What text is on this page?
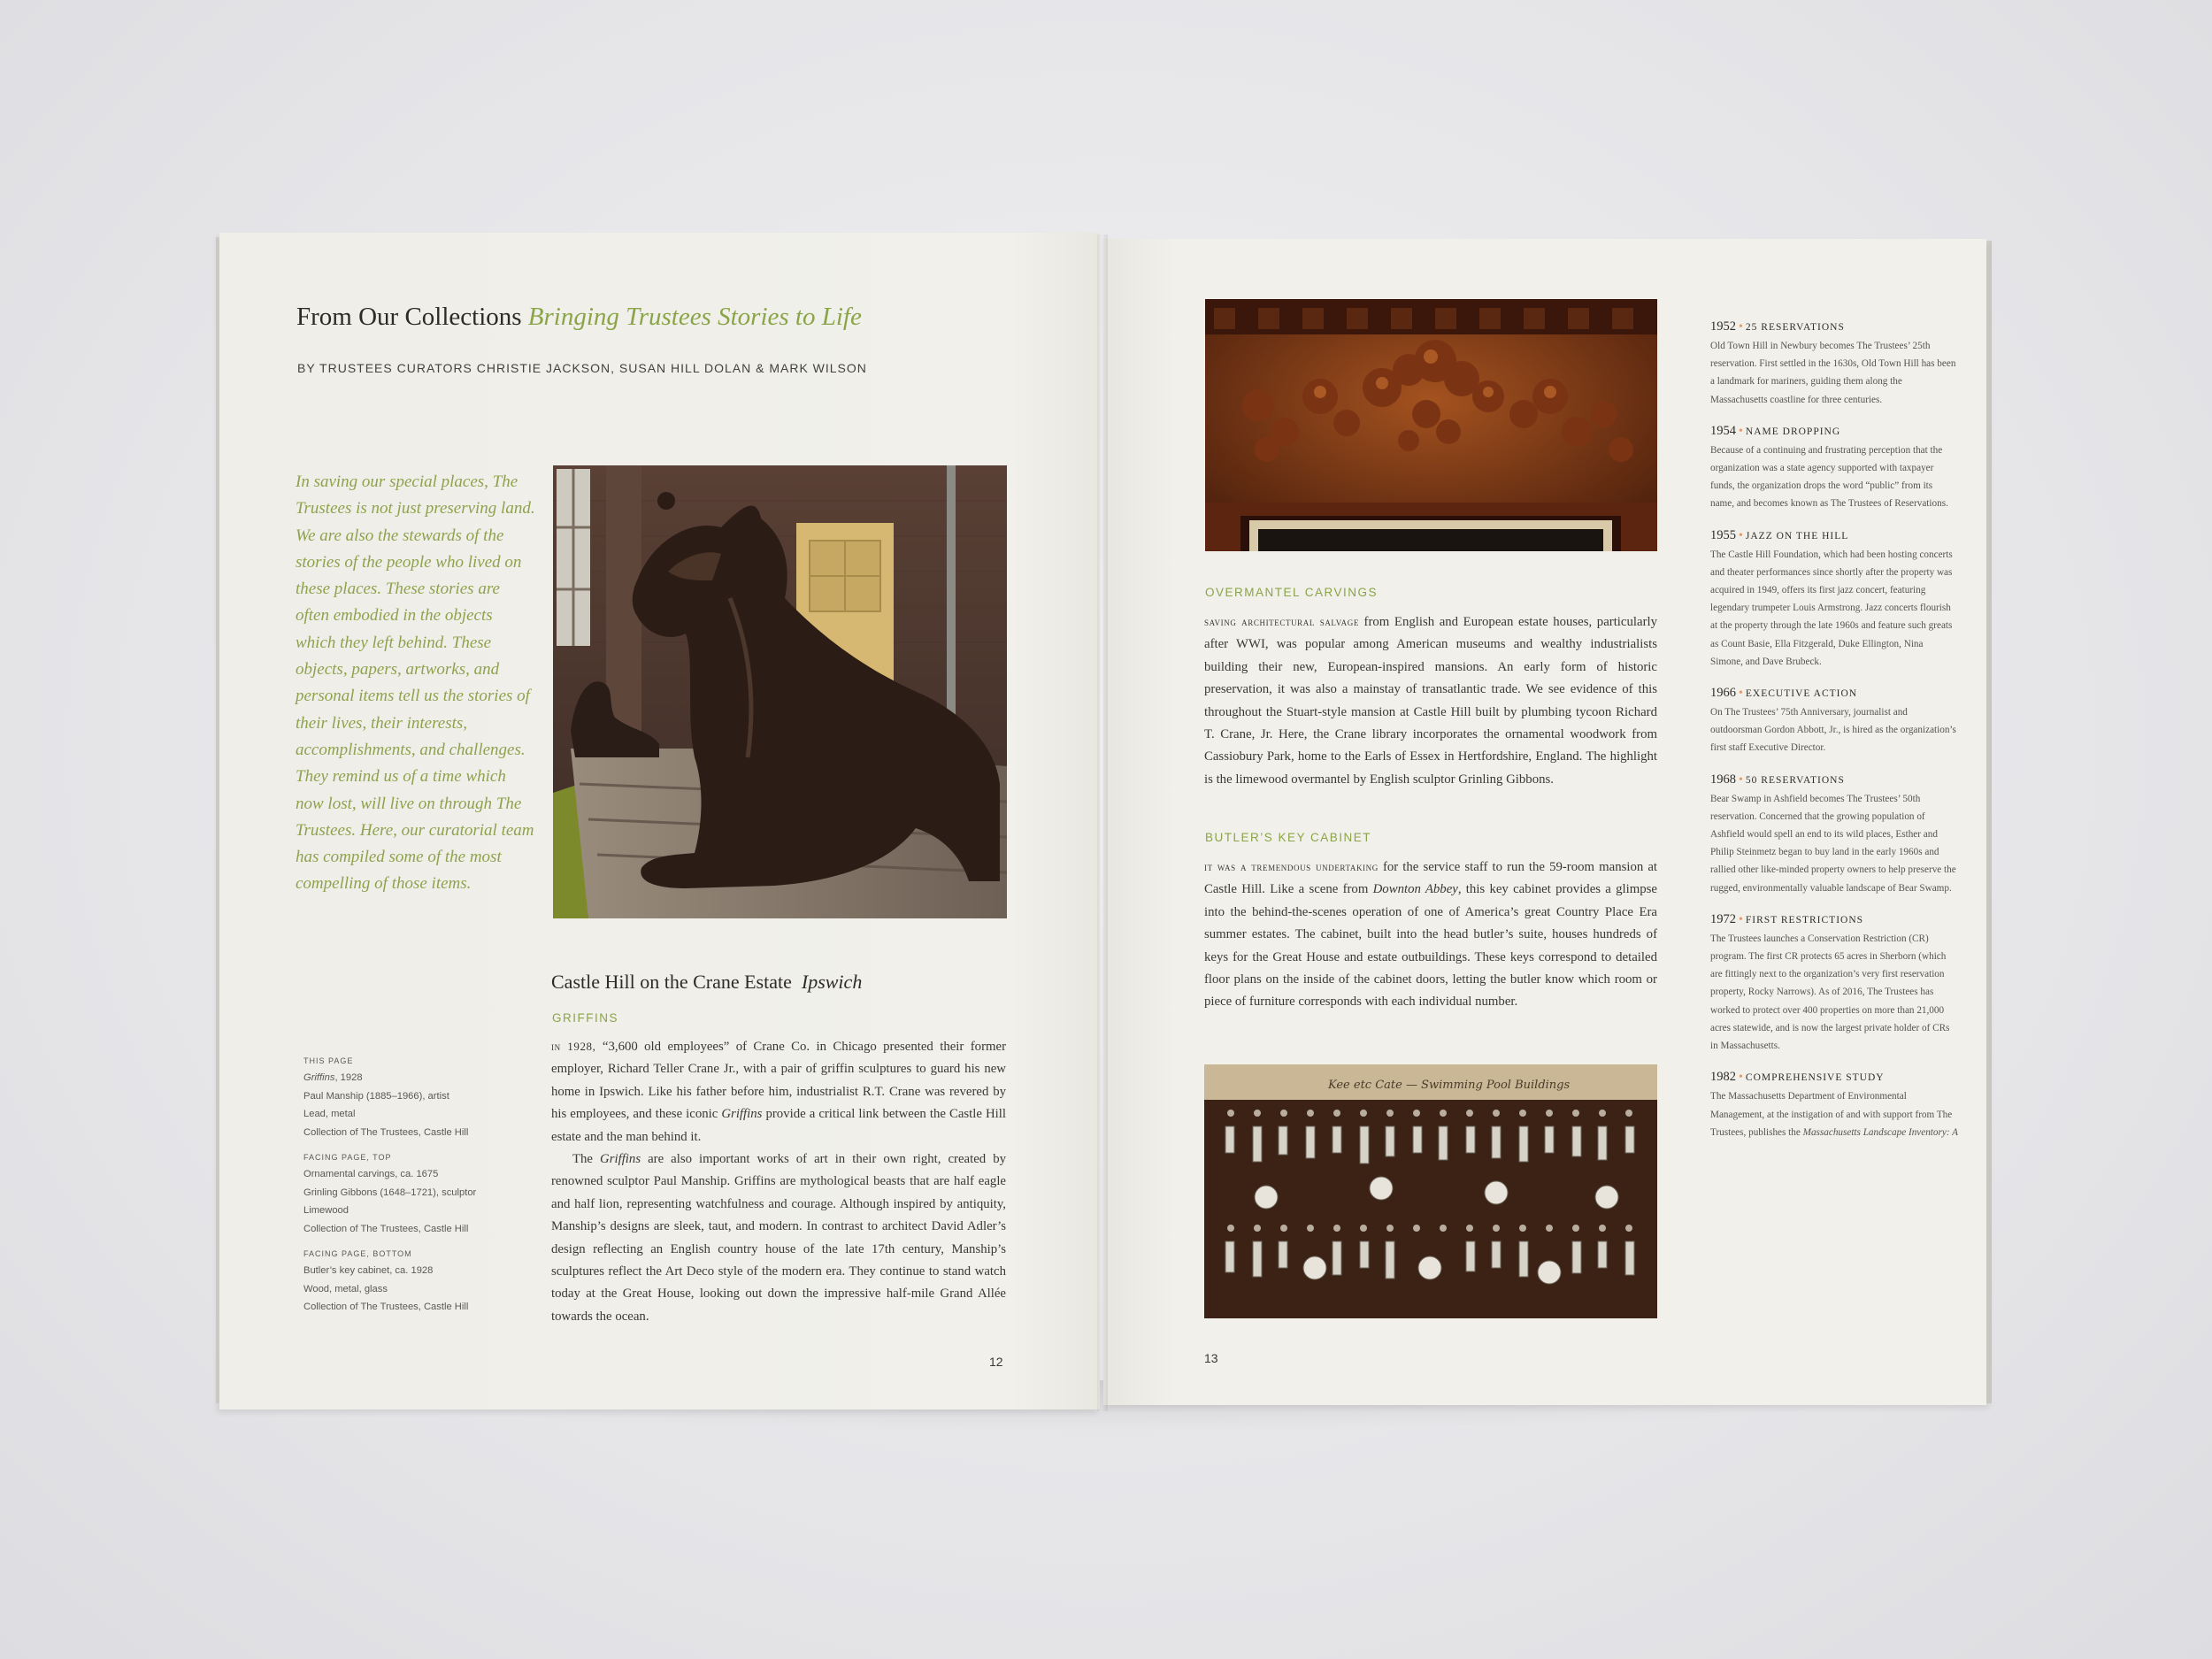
From Our Collections Bringing Trustees Stories to Life
BY TRUSTEES CURATORS CHRISTIE JACKSON, SUSAN HILL DOLAN & MARK WILSON
In saving our special places, The Trustees is not just preserving land. We are also the stewards of the stories of the people who lived on these places. These stories are often embodied in the objects which they left behind. These objects, papers, artworks, and personal items tell us the stories of their lives, their interests, accomplishments, and challenges. They remind us of a time which now lost, will live on through The Trustees. Here, our curatorial team has compiled some of the most compelling of those items.
Castle Hill on the Crane Estate Ipswich
GRIFFINS

in 1928, “3,600 old employees” of Crane Co. in Chicago presented their former employer, Richard Teller Crane Jr., with a pair of griffin sculptures to guard his new home in Ipswich. Like his father before him, industrialist R.T. Crane was revered by his employees, and these iconic Griffins provide a critical link between the Castle Hill estate and the man behind it.

The Griffins are also important works of art in their own right, created by renowned sculptor Paul Manship. Griffins are mythological beasts that are half eagle and half lion, representing watchfulness and courage. Although inspired by antiquity, Manship’s designs are sleek, taut, and modern. In contrast to architect David Adler’s design reflecting an English country house of the late 17th century, Manship’s sculptures reflect the Art Deco style of the modern era. They continue to stand watch today at the Great House, looking out down the impressive half-mile Grand Allée towards the ocean.

THIS PAGE
Griffins, 1928
Paul Manship (1885–1966), artist
Lead, metal
Collection of The Trustees, Castle Hill
FACING PAGE, TOP
Ornamental carvings, ca. 1675
Grinling Gibbons (1648–1721), sculptor
Limewood
Collection of The Trustees, Castle Hill
FACING PAGE, BOTTOM
Butler’s key cabinet, ca. 1928
Wood, metal, glass
Collection of The Trustees, Castle Hill
12
OVERMANTEL CARVINGS

saving architectural salvage from English and European estate houses, particularly after WWI, was popular among American museums and wealthy industrialists building their new, European-inspired mansions. An early form of historic preservation, it was also a mainstay of transatlantic trade. We see evidence of this throughout the Stuart-style mansion at Castle Hill built by plumbing tycoon Richard T. Crane, Jr. Here, the Crane library incorporates the ornamental woodwork from Cassiobury Park, home to the Earls of Essex in Hertfordshire, England. The highlight is the limewood overmantel by English sculptor Grinling Gibbons.

BUTLER’S KEY CABINET

it was a tremendous undertaking for the service staff to run the 59-room mansion at Castle Hill. Like a scene from Downton Abbey, this key cabinet provides a glimpse into the behind-the-scenes operation of one of America’s great Country Place Era summer estates. The cabinet, built into the head butler’s suite, houses hundreds of keys for the Great House and estate outbuildings. These keys correspond to detailed floor plans on the inside of the cabinet doors, letting the butler know which room or piece of furniture corresponds with each individual number.

Kee etc Cate — Swimming Pool Buildings
13
1952 • 25 RESERVATIONS
Old Town Hill in Newbury becomes The Trustees’ 25th reservation. First settled in the 1630s, Old Town Hill has been a landmark for mariners, guiding them along the Massachusetts coastline for three centuries.
1954 • NAME DROPPING
Because of a continuing and frustrating perception that the organization was a state agency supported with taxpayer funds, the organization drops the word “public” from its name, and becomes known as The Trustees of Reservations.
1955 • JAZZ ON THE HILL
The Castle Hill Foundation, which had been hosting concerts and theater performances since shortly after the property was acquired in 1949, offers its first jazz concert, featuring legendary trumpeter Louis Armstrong. Jazz concerts flourish at the property through the late 1960s and feature such greats as Count Basie, Ella Fitzgerald, Duke Ellington, Nina Simone, and Dave Brubeck.
1966 • EXECUTIVE ACTION
On The Trustees’ 75th Anniversary, journalist and outdoorsman Gordon Abbott, Jr., is hired as the organization’s first staff Executive Director.
1968 • 50 RESERVATIONS
Bear Swamp in Ashfield becomes The Trustees’ 50th reservation. Concerned that the growing population of Ashfield would spell an end to its wild places, Esther and Philip Steinmetz began to buy land in the early 1960s and rallied other like-minded property owners to help preserve the rugged, environmentally valuable landscape of Bear Swamp.
1972 • FIRST RESTRICTIONS
The Trustees launches a Conservation Restriction (CR) program. The first CR protects 65 acres in Sherborn (which are fittingly next to the organization’s very first reservation property, Rocky Narrows). As of 2016, The Trustees has worked to protect over 400 properties on more than 21,000 acres statewide, and is now the largest private holder of CRs in Massachusetts.
1982 • COMPREHENSIVE STUDY
The Massachusetts Department of Environmental Management, at the instigation of and with support from The Trustees, publishes the Massachusetts Landscape Inventory: A
